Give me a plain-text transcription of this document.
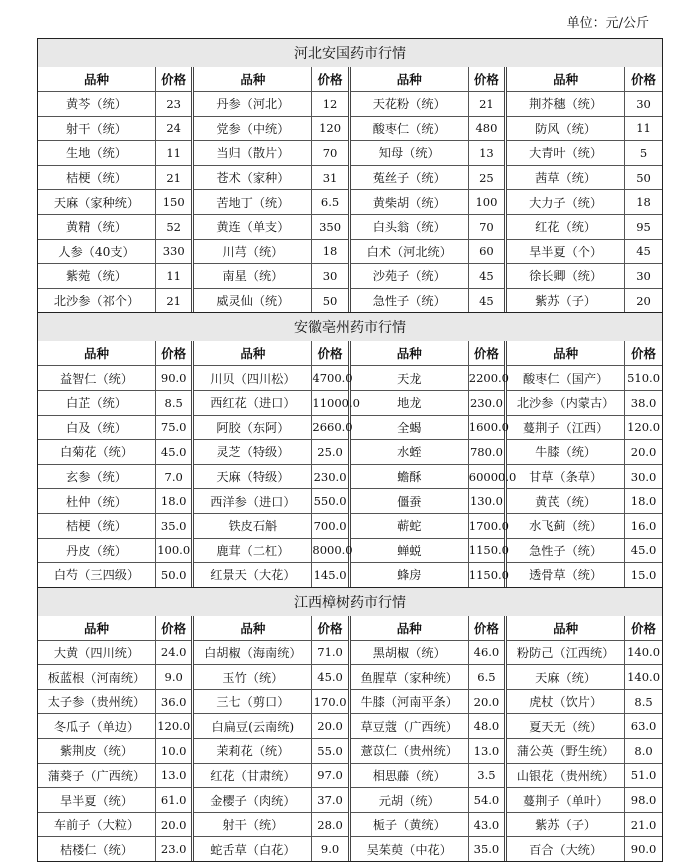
单位：元/公斤
河北安国药市行情
品种	价格	品种	价格	品种	价格	品种	价格
黄芩（统）	23	丹参（河北）	12	天花粉（统）	21	荆芥穗（统）	30
射干（统）	24	党参（中统）	120	酸枣仁（统）	480	防风（统）	11
生地（统）	11	当归（散片）	70	知母（统）	13	大青叶（统）	5
桔梗（统）	21	苍术（家种）	31	菟丝子（统）	25	茜草（统）	50
天麻（家种统）	150	苦地丁（统）	6.5	黄柴胡（统）	100	大力子（统）	18
黄精（统）	52	黄连（单支）	350	白头翁（统）	70	红花（统）	95
人参（40支）	330	川芎（统）	18	白术（河北统）	60	旱半夏（个）	45
紫菀（统）	11	南星（统）	30	沙苑子（统）	45	徐长卿（统）	30
北沙参（祁个）	21	威灵仙（统）	50	急性子（统）	45	紫苏（子）	20
安徽亳州药市行情
品种	价格	品种	价格	品种	价格	品种	价格
益智仁（统）	90.0	川贝（四川松）	4700.0	天龙	2200.0	酸枣仁（国产）	510.0
白芷（统）	8.5	西红花（进口）	11000.0	地龙	230.0	北沙参（内蒙古）	38.0
白及（统）	75.0	阿胶（东阿）	2660.0	全蝎	1600.0	蔓荆子（江西）	120.0
白菊花（统）	45.0	灵芝（特级）	25.0	水蛭	780.0	牛膝（统）	20.0
玄参（统）	7.0	天麻（特级）	230.0	蟾酥	60000.0	甘草（条草）	30.0
杜仲（统）	18.0	西洋参（进口）	550.0	僵蚕	130.0	黄芪（统）	18.0
桔梗（统）	35.0	铁皮石斛	700.0	蕲蛇	1700.0	水飞蓟（统）	16.0
丹皮（统）	100.0	鹿茸（二杠）	8000.0	蝉蜕	1150.0	急性子（统）	45.0
白芍（三四级）	50.0	红景天（大花）	145.0	蜂房	1150.0	透骨草（统）	15.0
江西樟树药市行情
品种	价格	品种	价格	品种	价格	品种	价格
大黄（四川统）	24.0	白胡椒（海南统）	71.0	黑胡椒（统）	46.0	粉防己（江西统）	140.0
板蓝根（河南统）	9.0	玉竹（统）	45.0	鱼腥草（家种统）	6.5	天麻（统）	140.0
太子参（贵州统）	36.0	三七（剪口）	170.0	牛膝（河南平条）	20.0	虎杖（饮片）	8.5
冬瓜子（单边）	120.0	白扁豆(云南统)	20.0	草豆蔻（广西统）	48.0	夏天无（统）	63.0
紫荆皮（统）	10.0	茉莉花（统）	55.0	薏苡仁（贵州统）	13.0	蒲公英（野生统）	8.0
蒲葵子（广西统）	13.0	红花（甘肃统）	97.0	相思藤（统）	3.5	山银花（贵州统）	51.0
旱半夏（统）	61.0	金樱子（肉统）	37.0	元胡（统）	54.0	蔓荆子（单叶）	98.0
车前子（大粒）	20.0	射干（统）	28.0	栀子（黄统）	43.0	紫苏（子）	21.0
桔楼仁（统）	23.0	蛇舌草（白花）	9.0	吴茱萸（中花）	35.0	百合（大统）	90.0
